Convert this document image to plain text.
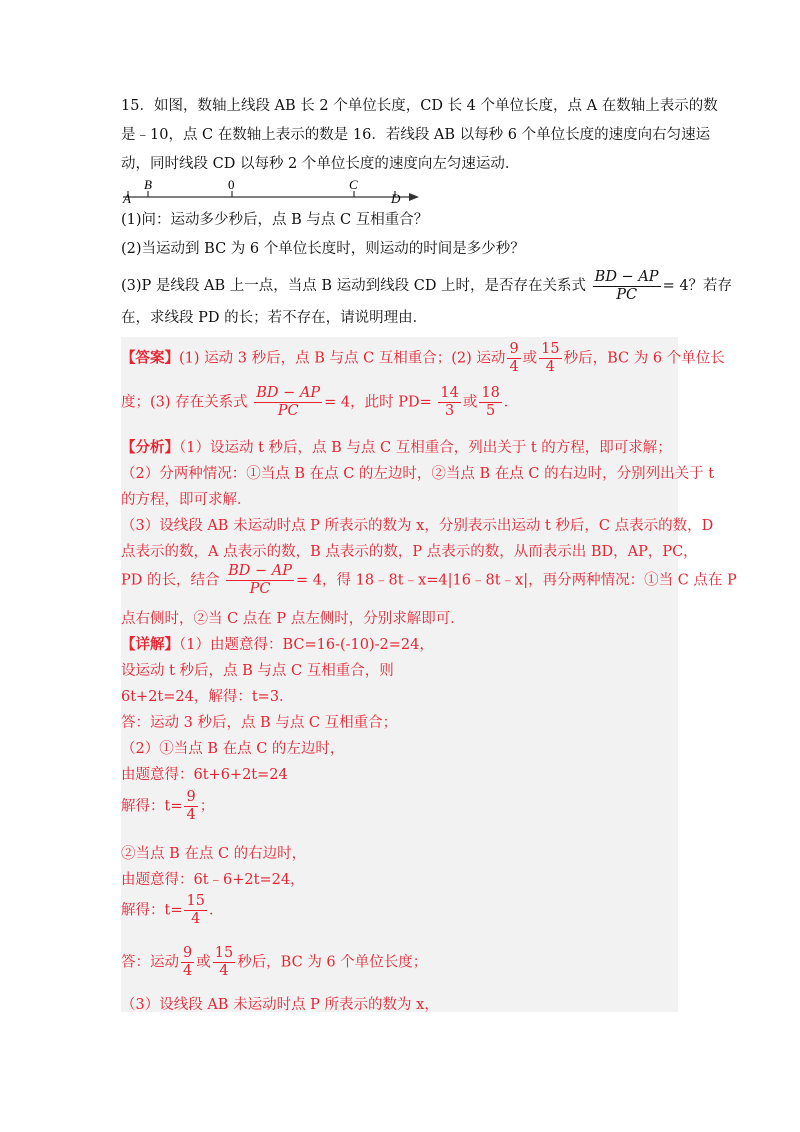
15．如图，数轴上线段 AB 长 2 个单位长度，CD 长 4 个单位长度，点 A 在数轴上表示的数
是﹣10，点 C 在数轴上表示的数是 16．若线段 AB 以每秒 6 个单位长度的速度向右匀速运
动，同时线段 CD 以每秒 2 个单位长度的速度向左匀速运动．
A
B	0	C
D
(1)问：运动多少秒后，点 B 与点 C 互相重合？
(2)当运动到 BC 为 6 个单位长度时，则运动的时间是多少秒？
(3)P 是线段 AB 上一点，当点 B 运动到线段 CD 上时，是否存在关系式 $\frac{BD - AP}{PC} = 4$？若存
在，求线段 PD 的长；若不存在，请说明理由．
【答案】(1) 运动 3 秒后，点 B 与点 C 互相重合；(2) 运动 $\frac{9}{4}$ 或 $\frac{15}{4}$ 秒后，BC 为 6 个单位长
度；(3) 存在关系式 $\frac{BD - AP}{PC} = 4$，此时 $PD= \frac{14}{3}$ 或 $\frac{18}{5}$ ．
【分析】（1）设运动 t 秒后，点 B 与点 C 互相重合，列出关于 t 的方程，即可求解；
（2）分两种情况：①当点 B 在点 C 的左边时，②当点 B 在点 C 的右边时，分别列出关于 t
的方程，即可求解．
（3）设线段 AB 未运动时点 P 所表示的数为 x，分别表示出运动 t 秒后，C 点表示的数，D
点表示的数，A 点表示的数，B 点表示的数，P 点表示的数，从而表示出 BD，AP，PC，
PD 的长，结合 $\frac{BD - AP}{PC} = 4$，得 18﹣8t﹣x=4|16﹣8t﹣x|，再分两种情况：①当 C 点在 P
点右侧时，②当 C 点在 P 点左侧时，分别求解即可．
【详解】（1）由题意得：BC=16-(-10)-2=24，
设运动 t 秒后，点 B 与点 C 互相重合，则
6t+2t=24，解得：t=3．
答：运动 3 秒后，点 B 与点 C 互相重合；
（2）①当点 B 在点 C 的左边时，
由题意得：6t+6+2t=24
解得：$t= \frac{9}{4}$ ；
②当点 B 在点 C 的右边时，
由题意得：6t﹣6+2t=24，
解得：$t= \frac{15}{4}$ ．
答：运动 $\frac{9}{4}$ 或 $\frac{15}{4}$ 秒后，BC 为 6 个单位长度；
（3）设线段 AB 未运动时点 P 所表示的数为 x，
